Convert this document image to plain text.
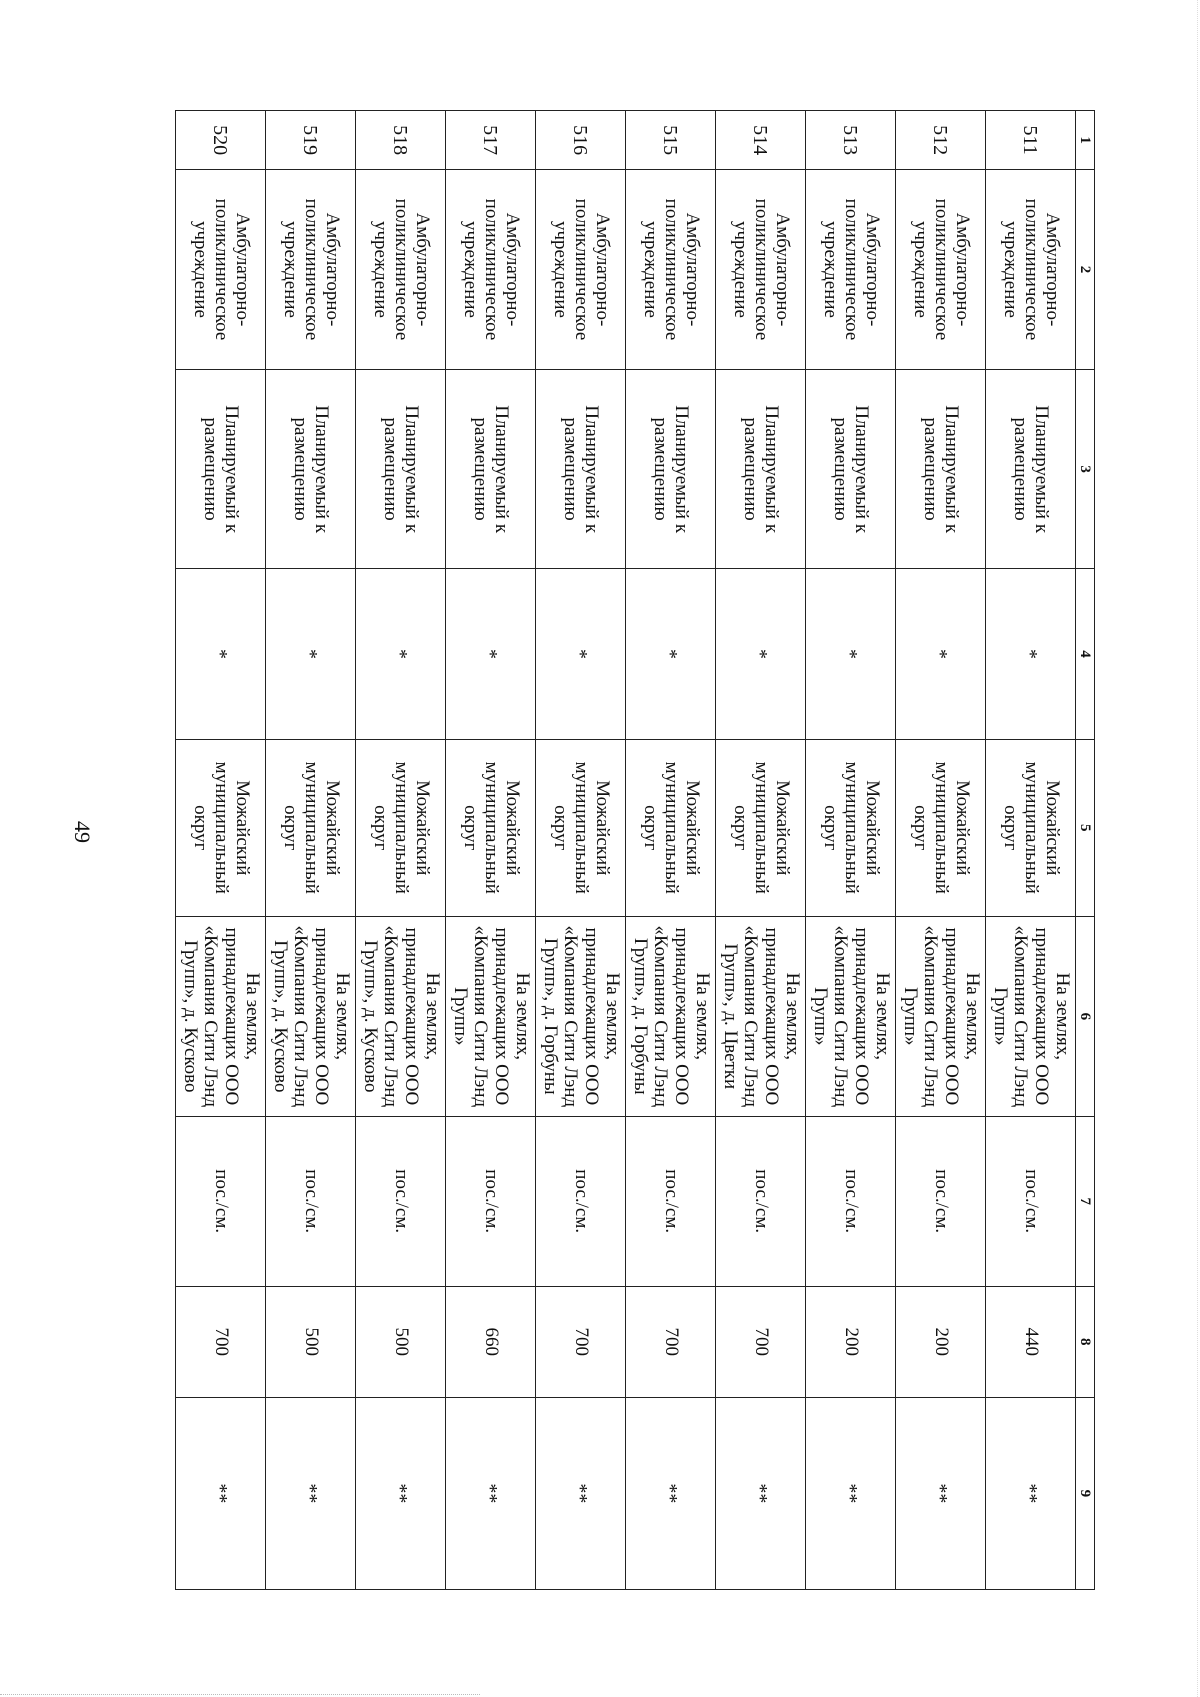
49
1	2	3	4	5	6	7	8	9
511	Амбулаторно-поликлиническое учреждение	Планируемый к размещению	*	Можайский муниципальный округ	На землях, принадлежащих ООО «Компания Сити Лэнд Групп»	пос./см.	440	**
512	Амбулаторно-поликлиническое учреждение	Планируемый к размещению	*	Можайский муниципальный округ	На землях, принадлежащих ООО «Компания Сити Лэнд Групп»	пос./см.	200	**
513	Амбулаторно-поликлиническое учреждение	Планируемый к размещению	*	Можайский муниципальный округ	На землях, принадлежащих ООО «Компания Сити Лэнд Групп»	пос./см.	200	**
514	Амбулаторно-поликлиническое учреждение	Планируемый к размещению	*	Можайский муниципальный округ	На землях, принадлежащих ООО «Компания Сити Лэнд Групп», д. Цветки	пос./см.	700	**
515	Амбулаторно-поликлиническое учреждение	Планируемый к размещению	*	Можайский муниципальный округ	На землях, принадлежащих ООО «Компания Сити Лэнд Групп», д. Горбуны	пос./см.	700	**
516	Амбулаторно-поликлиническое учреждение	Планируемый к размещению	*	Можайский муниципальный округ	На землях, принадлежащих ООО «Компания Сити Лэнд Групп», д. Горбуны	пос./см.	700	**
517	Амбулаторно-поликлиническое учреждение	Планируемый к размещению	*	Можайский муниципальный округ	На землях, принадлежащих ООО «Компания Сити Лэнд Групп»	пос./см.	660	**
518	Амбулаторно-поликлиническое учреждение	Планируемый к размещению	*	Можайский муниципальный округ	На землях, принадлежащих ООО «Компания Сити Лэнд Групп», д. Кусково	пос./см.	500	**
519	Амбулаторно-поликлиническое учреждение	Планируемый к размещению	*	Можайский муниципальный округ	На землях, принадлежащих ООО «Компания Сити Лэнд Групп», д. Кусково	пос./см.	500	**
520	Амбулаторно-поликлиническое учреждение	Планируемый к размещению	*	Можайский муниципальный округ	На землях, принадлежащих ООО «Компания Сити Лэнд Групп», д. Кусково	пос./см.	700	**
